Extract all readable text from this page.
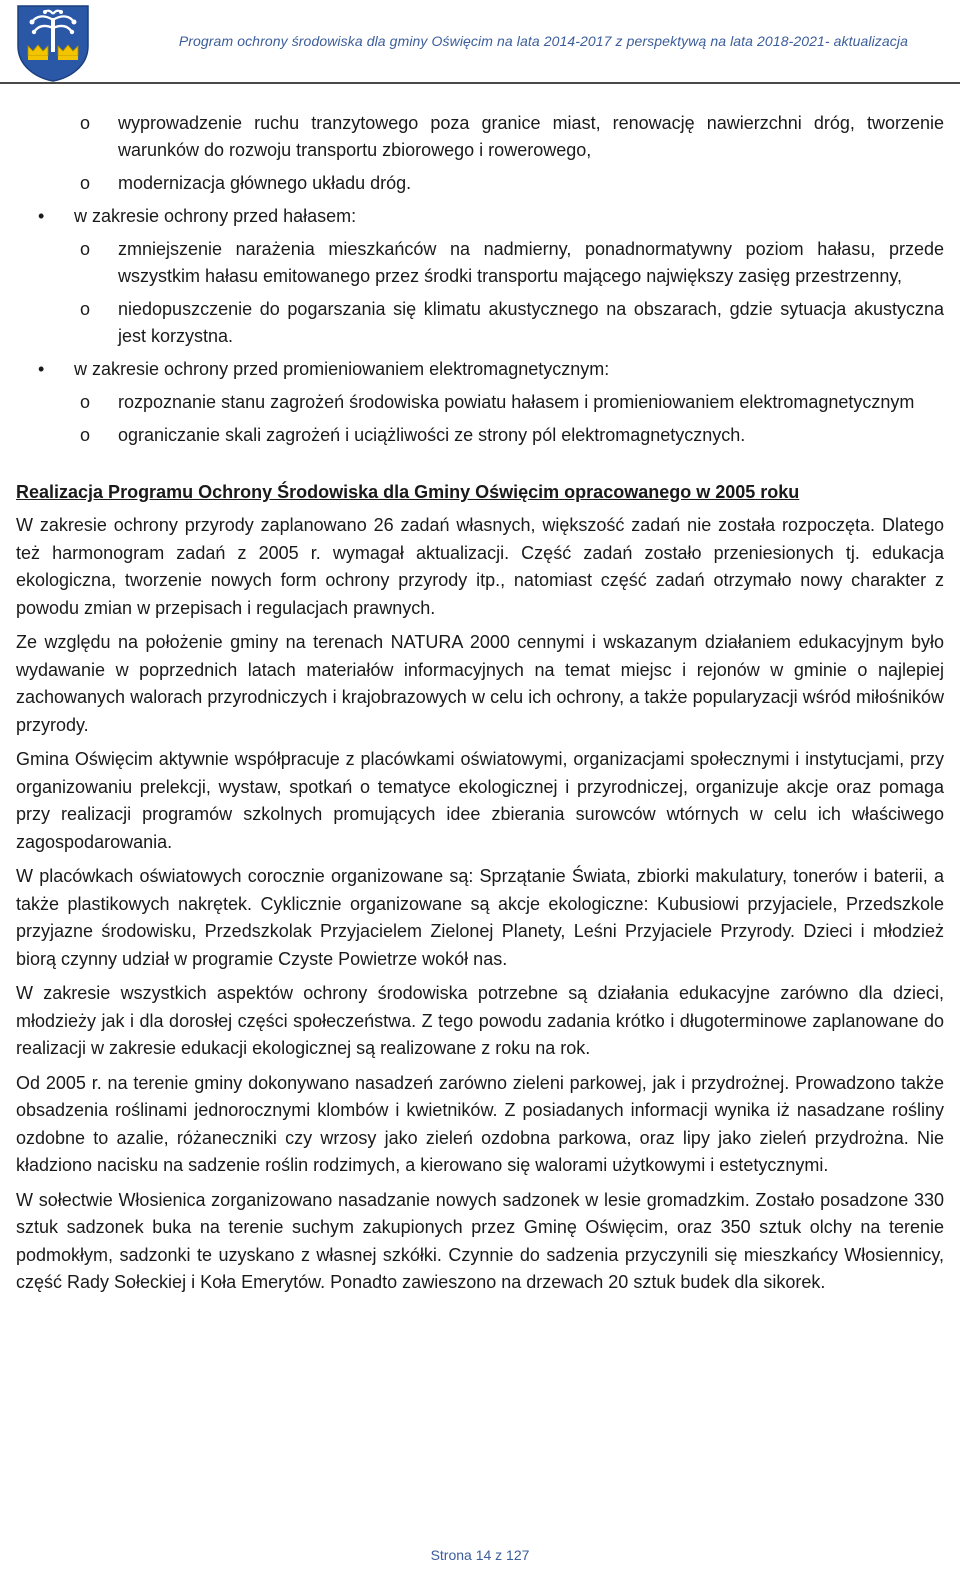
Program ochrony środowiska dla gminy Oświęcim na lata 2014-2017 z perspektywą na lata 2018-2021- aktualizacja
o wyprowadzenie ruchu tranzytowego poza granice miast, renowację nawierzchni dróg, tworzenie warunków do rozwoju transportu zbiorowego i rowerowego,
o modernizacja głównego układu dróg.
• w zakresie ochrony przed hałasem:
o zmniejszenie narażenia mieszkańców na nadmierny, ponadnormatywny poziom hałasu, przede wszystkim hałasu emitowanego przez środki transportu mającego największy zasięg przestrzenny,
o niedopuszczenie do pogarszania się klimatu akustycznego na obszarach, gdzie sytuacja akustyczna jest korzystna.
• w zakresie ochrony przed promieniowaniem elektromagnetycznym:
o rozpoznanie stanu zagrożeń środowiska powiatu hałasem i promieniowaniem elektromagnetycznym
o ograniczanie skali zagrożeń i uciążliwości ze strony pól elektromagnetycznych.
Realizacja Programu Ochrony Środowiska dla Gminy Oświęcim opracowanego w 2005 roku

W zakresie ochrony przyrody zaplanowano 26 zadań własnych, większość zadań nie została rozpoczęta. Dlatego też harmonogram zadań z 2005 r. wymagał aktualizacji. Część zadań zostało przeniesionych tj. edukacja ekologiczna, tworzenie nowych form ochrony przyrody itp., natomiast część zadań otrzymało nowy charakter z powodu zmian w przepisach i regulacjach prawnych.

Ze względu na położenie gminy na terenach NATURA 2000 cennymi i wskazanym działaniem edukacyjnym było wydawanie w poprzednich latach materiałów informacyjnych na temat miejsc i rejonów w gminie o najlepiej zachowanych walorach przyrodniczych i krajobrazowych w celu ich ochrony, a także popularyzacji wśród miłośników przyrody.

Gmina Oświęcim aktywnie współpracuje z placówkami oświatowymi, organizacjami społecznymi i instytucjami, przy organizowaniu prelekcji, wystaw, spotkań o tematyce ekologicznej i przyrodniczej, organizuje akcje oraz pomaga przy realizacji programów szkolnych promujących idee zbierania surowców wtórnych w celu ich właściwego zagospodarowania.

W placówkach oświatowych corocznie organizowane są: Sprzątanie Świata, zbiorki makulatury, tonerów i baterii, a także plastikowych nakrętek. Cyklicznie organizowane są akcje ekologiczne: Kubusiowi przyjaciele, Przedszkole przyjazne środowisku, Przedszkolak Przyjacielem Zielonej Planety, Leśni Przyjaciele Przyrody. Dzieci i młodzież biorą czynny udział w programie Czyste Powietrze wokół nas.

W zakresie wszystkich aspektów ochrony środowiska potrzebne są działania edukacyjne zarówno dla dzieci, młodzieży jak i dla dorosłej części społeczeństwa. Z tego powodu zadania krótko i długoterminowe zaplanowane do realizacji w zakresie edukacji ekologicznej są realizowane z roku na rok.

Od 2005 r. na terenie gminy dokonywano nasadzeń zarówno zieleni parkowej, jak i przydrożnej. Prowadzono także obsadzenia roślinami jednorocznymi klombów i kwietników. Z posiadanych informacji wynika iż nasadzane rośliny ozdobne to azalie, różaneczniki czy wrzosy jako zieleń ozdobna parkowa, oraz lipy jako zieleń przydrożna. Nie kładziono nacisku na sadzenie roślin rodzimych, a kierowano się walorami użytkowymi i estetycznymi.

W sołectwie Włosienica zorganizowano nasadzanie nowych sadzonek w lesie gromadzkim. Zostało posadzone 330 sztuk sadzonek buka na terenie suchym zakupionych przez Gminę Oświęcim, oraz 350 sztuk olchy na terenie podmokłym, sadzonki te uzyskano z własnej szkółki. Czynnie do sadzenia przyczynili się mieszkańcy Włosiennicy, część Rady Sołeckiej i Koła Emerytów. Ponadto zawieszono na drzewach 20 sztuk budek dla sikorek.

Strona 14 z 127
